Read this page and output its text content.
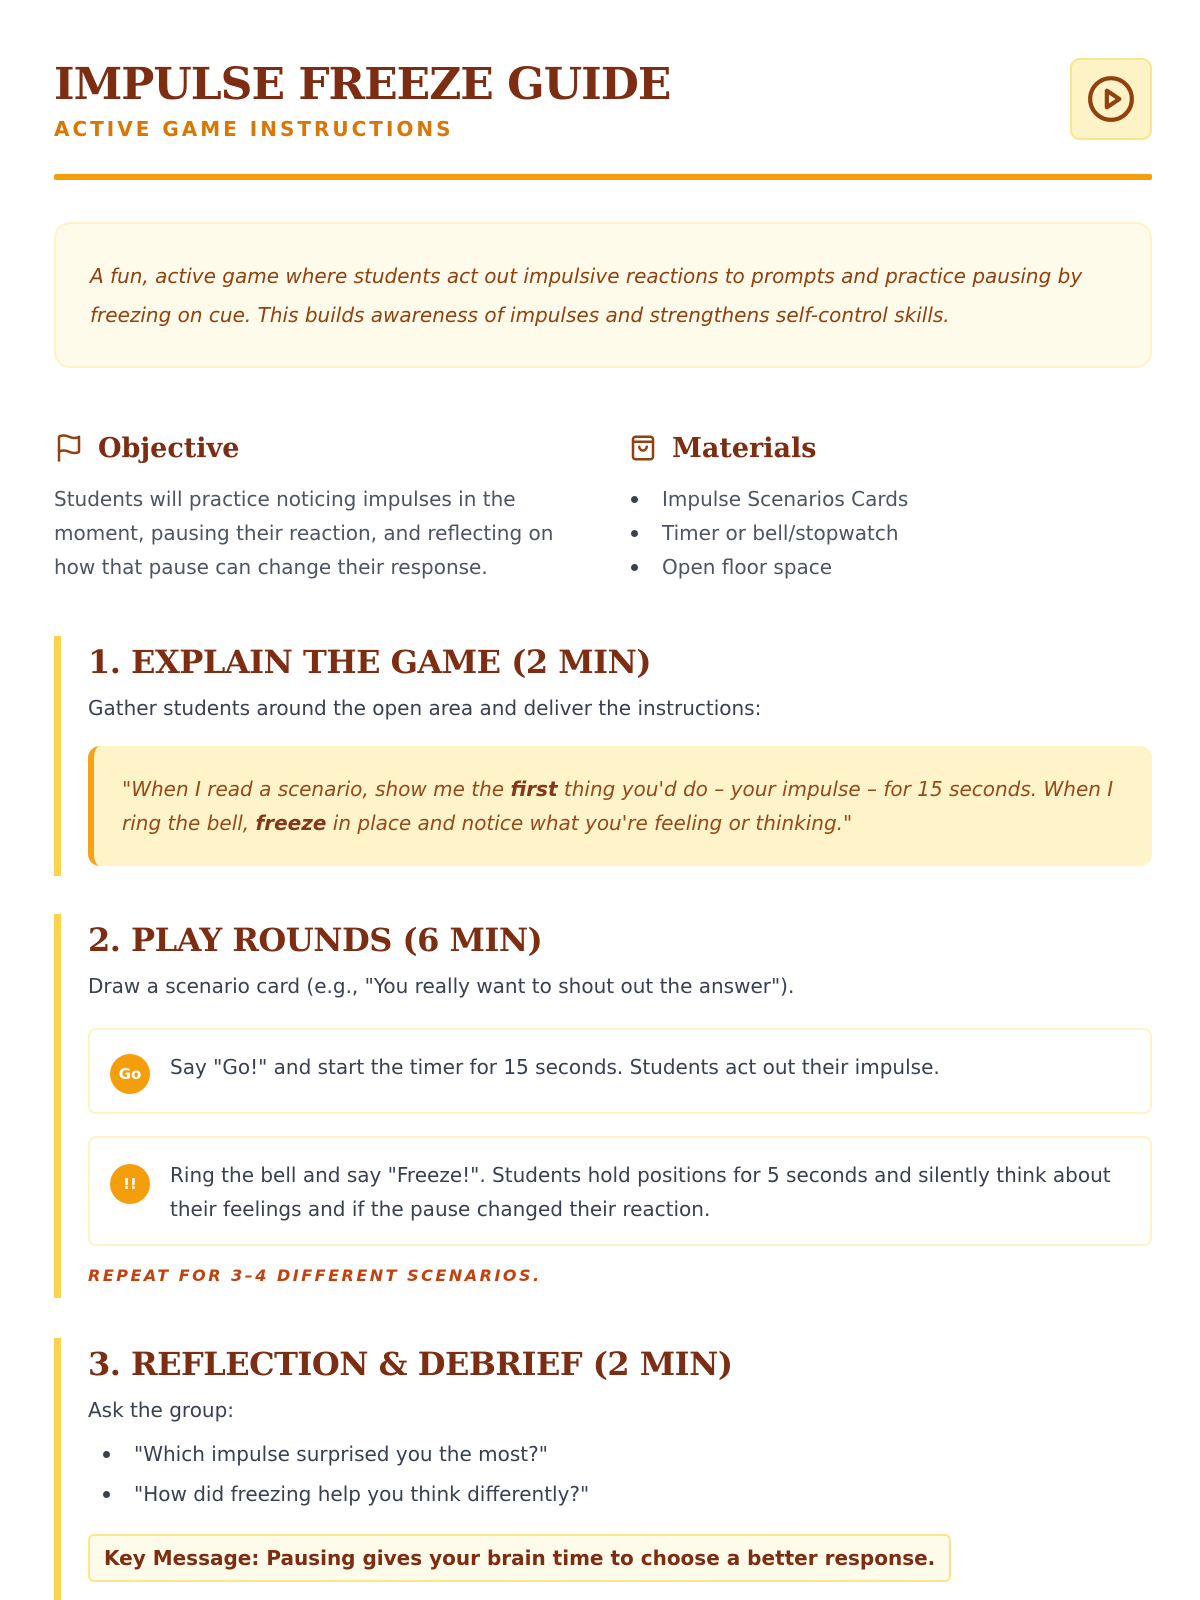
IMPULSE FREEZE GUIDE
ACTIVE GAME INSTRUCTIONS

A fun, active game where students act out impulsive reactions to prompts and practice pausing by freezing on cue. This builds awareness of impulses and strengthens self-control skills.

Objective

Students will practice noticing impulses in the moment, pausing their reaction, and reflecting on how that pause can change their response.

Materials
Impulse Scenarios Cards
Timer or bell/stopwatch
Open floor space
1. EXPLAIN THE GAME (2 MIN)

Gather students around the open area and deliver the instructions:

"When I read a scenario, show me the first thing you'd do – your impulse – for 15 seconds. When I ring the bell, freeze in place and notice what you're feeling or thinking."

2. PLAY ROUNDS (6 MIN)

Draw a scenario card (e.g., "You really want to shout out the answer").

Go	Say "Go!" and start the timer for 15 seconds. Students act out their impulse.

!!	Ring the bell and say "Freeze!". Students hold positions for 5 seconds and silently think about their feelings and if the pause changed their reaction.

REPEAT FOR 3–4 DIFFERENT SCENARIOS.

3. REFLECTION & DEBRIEF (2 MIN)

Ask the group:

"Which impulse surprised you the most?"
"How did freezing help you think differently?"
Key Message: Pausing gives your brain time to choose a better response.
